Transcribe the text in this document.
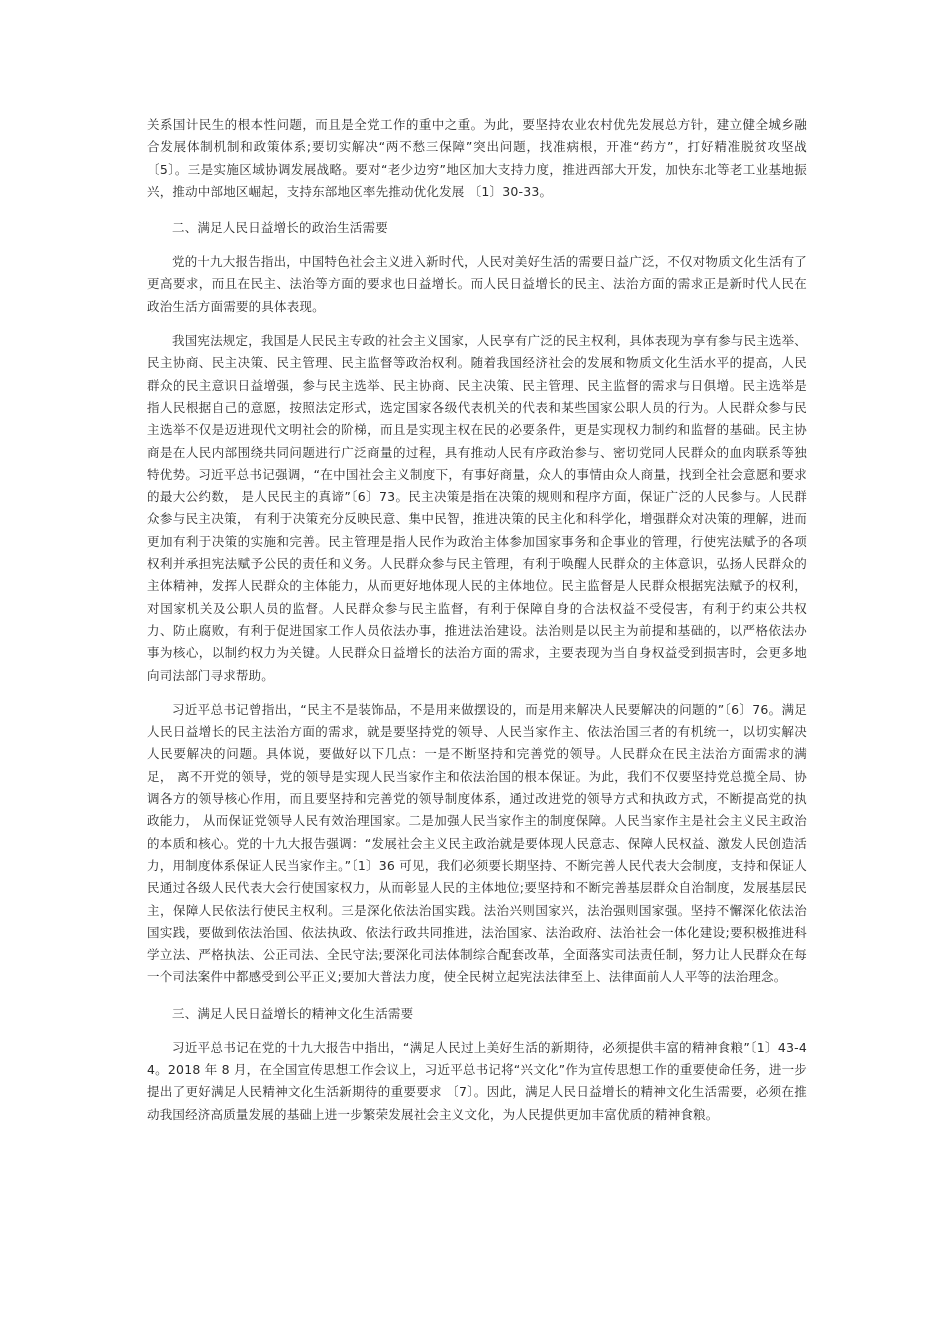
关系国计民生的根本性问题，而且是全党工作的重中之重。为此，要坚持农业农村优先发展总方针，建立健全城乡融合发展体制机制和政策体系;要切实解决“两不愁三保障”突出问题，找准病根，开准“药方”，打好精准脱贫攻坚战 〔5〕。三是实施区域协调发展战略。要对“老少边穷”地区加大支持力度，推进西部大开发，加快东北等老工业基地振兴，推动中部地区崛起，支持东部地区率先推动优化发展 〔1〕30-33。

二、满足人民日益增长的政治生活需要

党的十九大报告指出，中国特色社会主义进入新时代，人民对美好生活的需要日益广泛，不仅对物质文化生活有了更高要求，而且在民主、法治等方面的要求也日益增长。而人民日益增长的民主、法治方面的需求正是新时代人民在政治生活方面需要的具体表现。

我国宪法规定，我国是人民民主专政的社会主义国家，人民享有广泛的民主权利，具体表现为享有参与民主选举、民主协商、民主决策、民主管理、民主监督等政治权利。随着我国经济社会的发展和物质文化生活水平的提高，人民群众的民主意识日益增强，参与民主选举、民主协商、民主决策、民主管理、民主监督的需求与日俱增。民主选举是指人民根据自己的意愿，按照法定形式，选定国家各级代表机关的代表和某些国家公职人员的行为。人民群众参与民主选举不仅是迈进现代文明社会的阶梯，而且是实现主权在民的必要条件，更是实现权力制约和监督的基础。民主协商是在人民内部围绕共同问题进行广泛商量的过程，具有推动人民有序政治参与、密切党同人民群众的血肉联系等独特优势。习近平总书记强调，“在中国社会主义制度下，有事好商量，众人的事情由众人商量，找到全社会意愿和要求的最大公约数， 是人民民主的真谛”〔6〕73。民主决策是指在决策的规则和程序方面，保证广泛的人民参与。人民群众参与民主决策， 有利于决策充分反映民意、集中民智，推进决策的民主化和科学化，增强群众对决策的理解，进而更加有利于决策的实施和完善。民主管理是指人民作为政治主体参加国家事务和企事业的管理，行使宪法赋予的各项权利并承担宪法赋予公民的责任和义务。人民群众参与民主管理，有利于唤醒人民群众的主体意识，弘扬人民群众的主体精神，发挥人民群众的主体能力，从而更好地体现人民的主体地位。民主监督是人民群众根据宪法赋予的权利，对国家机关及公职人员的监督。人民群众参与民主监督，有利于保障自身的合法权益不受侵害，有利于约束公共权力、防止腐败，有利于促进国家工作人员依法办事，推进法治建设。法治则是以民主为前提和基础的，以严格依法办事为核心，以制约权力为关键。人民群众日益增长的法治方面的需求，主要表现为当自身权益受到损害时，会更多地向司法部门寻求帮助。

习近平总书记曾指出，“民主不是装饰品，不是用来做摆设的，而是用来解决人民要解决的问题的”〔6〕76。满足人民日益增长的民主法治方面的需求，就是要坚持党的领导、人民当家作主、依法治国三者的有机统一，以切实解决人民要解决的问题。具体说，要做好以下几点：一是不断坚持和完善党的领导。人民群众在民主法治方面需求的满足， 离不开党的领导，党的领导是实现人民当家作主和依法治国的根本保证。为此，我们不仅要坚持党总揽全局、协调各方的领导核心作用，而且要坚持和完善党的领导制度体系，通过改进党的领导方式和执政方式，不断提高党的执政能力， 从而保证党领导人民有效治理国家。二是加强人民当家作主的制度保障。人民当家作主是社会主义民主政治的本质和核心。党的十九大报告强调：“发展社会主义民主政治就是要体现人民意志、保障人民权益、激发人民创造活力，用制度体系保证人民当家作主。”〔1〕36 可见，我们必须要长期坚持、不断完善人民代表大会制度，支持和保证人民通过各级人民代表大会行使国家权力，从而彰显人民的主体地位;要坚持和不断完善基层群众自治制度，发展基层民主，保障人民依法行使民主权利。三是深化依法治国实践。法治兴则国家兴，法治强则国家强。坚持不懈深化依法治国实践，要做到依法治国、依法执政、依法行政共同推进，法治国家、法治政府、法治社会一体化建设;要积极推进科学立法、严格执法、公正司法、全民守法;要深化司法体制综合配套改革，全面落实司法责任制，努力让人民群众在每一个司法案件中都感受到公平正义;要加大普法力度，使全民树立起宪法法律至上、法律面前人人平等的法治理念。

三、满足人民日益增长的精神文化生活需要

习近平总书记在党的十九大报告中指出，“满足人民过上美好生活的新期待，必须提供丰富的精神食粮”〔1〕43-44。2018 年 8 月，在全国宣传思想工作会议上，习近平总书记将“兴文化”作为宣传思想工作的重要使命任务，进一步提出了更好满足人民精神文化生活新期待的重要要求 〔7〕。因此，满足人民日益增长的精神文化生活需要，必须在推动我国经济高质量发展的基础上进一步繁荣发展社会主义文化，为人民提供更加丰富优质的精神食粮。
